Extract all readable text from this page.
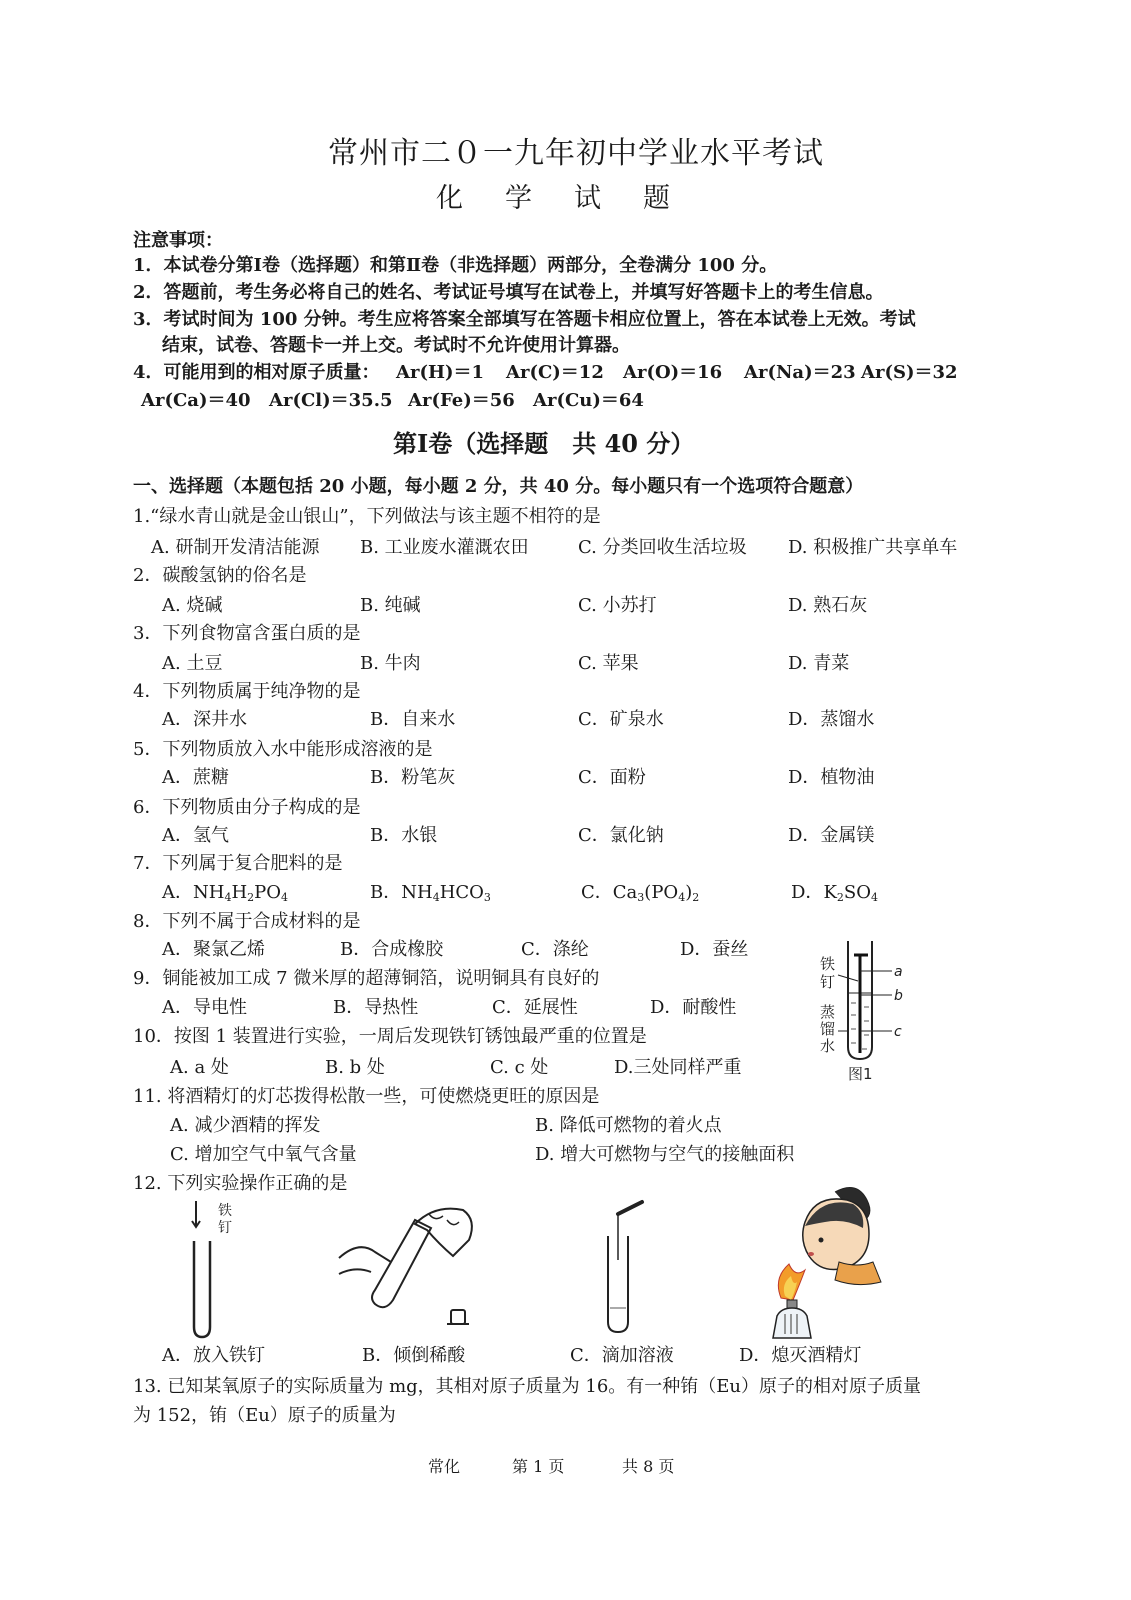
常州市二０一九年初中学业水平考试
化学试题
注意事项：
1．本试卷分第Ⅰ卷（选择题）和第Ⅱ卷（非选择题）两部分，全卷满分 100 分。
2．答题前，考生务必将自己的姓名、考试证号填写在试卷上，并填写好答题卡上的考生信息。
3．考试时间为 100 分钟。考生应将答案全部填写在答题卡相应位置上，答在本试卷上无效。考试
结束，试卷、答题卡一并上交。考试时不允许使用计算器。
4．可能用到的相对原子质量： Ar(H)＝1 Ar(C)＝12 Ar(O)＝16 Ar(Na)＝23 Ar(S)＝32
Ar(Ca)＝40 Ar(Cl)＝35.5 Ar(Fe)＝56 Ar(Cu)＝64
第Ⅰ卷（选择题　共 40 分）
一、选择题（本题包括 20 小题，每小题 2 分，共 40 分。每小题只有一个选项符合题意）
1.“绿水青山就是金山银山”，下列做法与该主题不相符的是
A. 研制开发清洁能源 B. 工业废水灌溉农田	C. 分类回收生活垃圾 D. 积极推广共享单车
2．碳酸氢钠的俗名是
A. 烧碱	B. 纯碱	C. 小苏打	D. 熟石灰
3．下列食物富含蛋白质的是
A. 土豆	B. 牛肉	C. 苹果	D. 青菜
4．下列物质属于纯净物的是
A．深井水	B．自来水	C．矿泉水	D．蒸馏水
5．下列物质放入水中能形成溶液的是
A．蔗糖	B．粉笔灰	C．面粉	D．植物油
6．下列物质由分子构成的是
A．氢气	B．水银	C．氯化钠	D．金属镁
7．下列属于复合肥料的是
A．$NH_4H_2PO_4$	B．$NH_4HCO_3$	C．$Ca_3(PO_4)_2$	D．$K_2SO_4$
8．下列不属于合成材料的是
A．聚氯乙烯	B．合成橡胶	C．涤纶	D．蚕丝
9．铜能被加工成 7 微米厚的超薄铜箔，说明铜具有良好的
A．导电性	B．导热性	C．延展性	D．耐酸性
10．按图 1 装置进行实验，一周后发现铁钉锈蚀最严重的位置是
A. a 处	B. b 处	C. c 处	D.三处同样严重
铁
钉
蒸
馏
水
a
b
c
图1
11. 将酒精灯的灯芯拨得松散一些，可使燃烧更旺的原因是
A. 减少酒精的挥发	B. 降低可燃物的着火点
C. 增加空气中氧气含量	D. 增大可燃物与空气的接触面积
12. 下列实验操作正确的是
铁
钉
A．放入铁钉	B．倾倒稀酸	C．滴加溶液	D．熄灭酒精灯
13. 已知某氧原子的实际质量为 mg，其相对原子质量为 16。有一种铕（Eu）原子的相对原子质量
为 152，铕（Eu）原子的质量为
常化	第 1 页	共 8 页
